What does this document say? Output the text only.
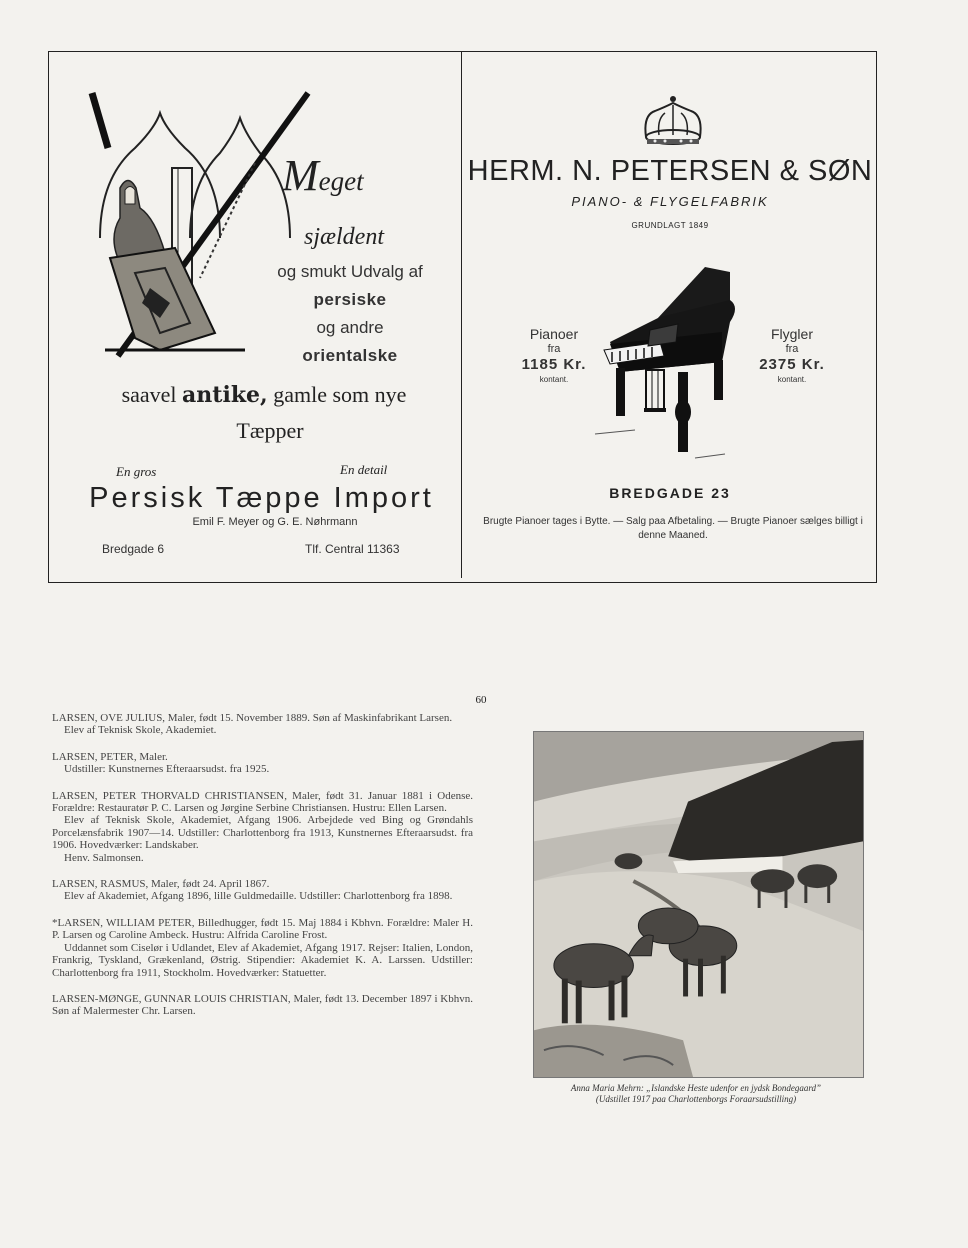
Meget
sjældent
og smukt Udvalg af
persiske
og andre
orientalske
saavel antike, gamle som nye
Tæpper
En gros	En detail
Persisk Tæppe Import
Emil F. Meyer og G. E. Nøhrmann
Bredgade 6	Tlf. Central 11363
HERM. N. PETERSEN & SØN
PIANO- & FLYGELFABRIK
GRUNDLAGT 1849
Pianoer
fra
1185 Kr.
kontant.
Flygler
fra
2375 Kr.
kontant.
BREDGADE 23
Brugte Pianoer tages i Bytte. — Salg paa Afbetaling. — Brugte Pianoer sælges billigt i denne Maaned.
60

LARSEN, OVE JULIUS, Maler, født 15. November 1889. Søn af Maskinfabrikant Larsen.

Elev af Teknisk Skole, Akademiet.

LARSEN, PETER, Maler.

Udstiller: Kunstnernes Efteraarsudst. fra 1925.

LARSEN, PETER THORVALD CHRISTIANSEN, Maler, født 31. Januar 1881 i Odense. Forældre: Restauratør P. C. Larsen og Jørgine Serbine Christiansen. Hustru: Ellen Larsen.

Elev af Teknisk Skole, Akademiet, Afgang 1906. Arbejdede ved Bing og Grøndahls Porcelænsfabrik 1907—14. Udstiller: Charlottenborg fra 1913, Kunstnernes Efteraarsudst. fra 1906. Hovedværker: Landskaber.

Henv. Salmonsen.

LARSEN, RASMUS, Maler, født 24. April 1867.

Elev af Akademiet, Afgang 1896, lille Guldmedaille. Udstiller: Charlottenborg fra 1898.

*LARSEN, WILLIAM PETER, Billedhugger, født 15. Maj 1884 i Kbhvn. Forældre: Maler H. P. Larsen og Caroline Ambeck. Hustru: Alfrida Caroline Frost.

Uddannet som Ciselør i Udlandet, Elev af Akademiet, Afgang 1917. Rejser: Italien, London, Frankrig, Tyskland, Grækenland, Østrig. Stipendier: Akademiet K. A. Larssen. Udstiller: Charlottenborg fra 1911, Stockholm. Hovedværker: Statuetter.

LARSEN-MØNGE, GUNNAR LOUIS CHRISTIAN, Maler, født 13. December 1897 i Kbhvn. Søn af Malermester Chr. Larsen.

Anna Maria Mehrn: „Islandske Heste udenfor en jydsk Bondegaard”
(Udstillet 1917 paa Charlottenborgs Foraarsudstilling)
